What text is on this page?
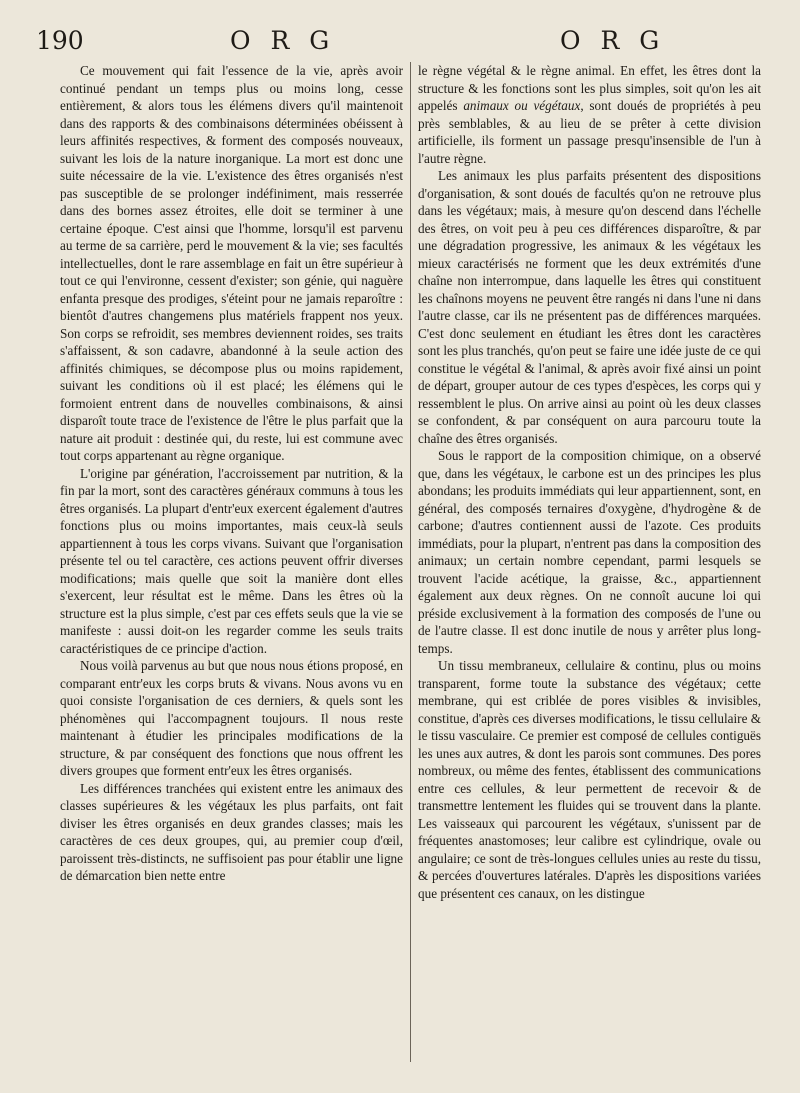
190	O R G	O R G

Ce mouvement qui fait l'essence de la vie, après avoir continué pendant un temps plus ou moins long, cesse entièrement, & alors tous les élémens divers qu'il maintenoit dans des rapports & des combinaisons déterminées obéissent à leurs affinités respectives, & forment des composés nouveaux, suivant les lois de la nature inorganique. La mort est donc une suite nécessaire de la vie. L'existence des êtres organisés n'est pas susceptible de se prolonger indéfiniment, mais resserrée dans des bornes assez étroites, elle doit se terminer à une certaine époque. C'est ainsi que l'homme, lorsqu'il est parvenu au terme de sa carrière, perd le mouvement & la vie; ses facultés intellectuelles, dont le rare assemblage en fait un être supérieur à tout ce qui l'environne, cessent d'exister; son génie, qui naguère enfanta presque des prodiges, s'éteint pour ne jamais reparoître : bientôt d'autres changemens plus matériels frappent nos yeux. Son corps se refroidit, ses membres deviennent roides, ses traits s'affaissent, & son cadavre, abandonné à la seule action des affinités chimiques, se décompose plus ou moins rapidement, suivant les conditions où il est placé; les élémens qui le formoient entrent dans de nouvelles combinaisons, & ainsi disparoît toute trace de l'existence de l'être le plus parfait que la nature ait produit : destinée qui, du reste, lui est commune avec tout corps appartenant au règne organique.

L'origine par génération, l'accroissement par nutrition, & la fin par la mort, sont des caractères généraux communs à tous les êtres organisés. La plupart d'entr'eux exercent également d'autres fonctions plus ou moins importantes, mais ceux-là seuls appartiennent à tous les corps vivans. Suivant que l'organisation présente tel ou tel caractère, ces actions peuvent offrir diverses modifications; mais quelle que soit la manière dont elles s'exercent, leur résultat est le même. Dans les êtres où la structure est la plus simple, c'est par ces effets seuls que la vie se manifeste : aussi doit-on les regarder comme les seuls traits caractéristiques de ce principe d'action.

Nous voilà parvenus au but que nous nous étions proposé, en comparant entr'eux les corps bruts & vivans. Nous avons vu en quoi consiste l'organisation de ces derniers, & quels sont les phénomènes qui l'accompagnent toujours. Il nous reste maintenant à étudier les principales modifications de la structure, & par conséquent des fonctions que nous offrent les divers groupes que forment entr'eux les êtres organisés.

Les différences tranchées qui existent entre les animaux des classes supérieures & les végétaux les plus parfaits, ont fait diviser les êtres organisés en deux grandes classes; mais les caractères de ces deux groupes, qui, au premier coup d'œil, paroissent très-distincts, ne suffisoient pas pour établir une ligne de démarcation bien nette entre

le règne végétal & le règne animal. En effet, les êtres dont la structure & les fonctions sont les plus simples, soit qu'on les ait appelés animaux ou végétaux, sont doués de propriétés à peu près semblables, & au lieu de se prêter à cette division artificielle, ils forment un passage presqu'insensible de l'un à l'autre règne.

Les animaux les plus parfaits présentent des dispositions d'organisation, & sont doués de facultés qu'on ne retrouve plus dans les végétaux; mais, à mesure qu'on descend dans l'échelle des êtres, on voit peu à peu ces différences disparoître, & par une dégradation progressive, les animaux & les végétaux les mieux caractérisés ne forment que les deux extrémités d'une chaîne non interrompue, dans laquelle les êtres qui constituent les chaînons moyens ne peuvent être rangés ni dans l'une ni dans l'autre classe, car ils ne présentent pas de différences marquées. C'est donc seulement en étudiant les êtres dont les caractères sont les plus tranchés, qu'on peut se faire une idée juste de ce qui constitue le végétal & l'animal, & après avoir fixé ainsi un point de départ, grouper autour de ces types d'espèces, les corps qui y ressemblent le plus. On arrive ainsi au point où les deux classes se confondent, & par conséquent on aura parcouru toute la chaîne des êtres organisés.

Sous le rapport de la composition chimique, on a observé que, dans les végétaux, le carbone est un des principes les plus abondans; les produits immédiats qui leur appartiennent, sont, en général, des composés ternaires d'oxygène, d'hydrogène & de carbone; d'autres contiennent aussi de l'azote. Ces produits immédiats, pour la plupart, n'entrent pas dans la composition des animaux; un certain nombre cependant, parmi lesquels se trouvent l'acide acétique, la graisse, &c., appartiennent également aux deux règnes. On ne connoît aucune loi qui préside exclusivement à la formation des composés de l'une ou de l'autre classe. Il est donc inutile de nous y arrêter plus long-temps.

Un tissu membraneux, cellulaire & continu, plus ou moins transparent, forme toute la substance des végétaux; cette membrane, qui est criblée de pores visibles & invisibles, constitue, d'après ces diverses modifications, le tissu cellulaire & le tissu vasculaire. Ce premier est composé de cellules contiguës les unes aux autres, & dont les parois sont communes. Des pores nombreux, ou même des fentes, établissent des communications entre ces cellules, & leur permettent de recevoir & de transmettre lentement les fluides qui se trouvent dans la plante. Les vaisseaux qui parcourent les végétaux, s'unissent par de fréquentes anastomoses; leur calibre est cylindrique, ovale ou angulaire; ce sont de très-longues cellules unies au reste du tissu, & percées d'ouvertures latérales. D'après les dispositions variées que présentent ces canaux, on les distingue
